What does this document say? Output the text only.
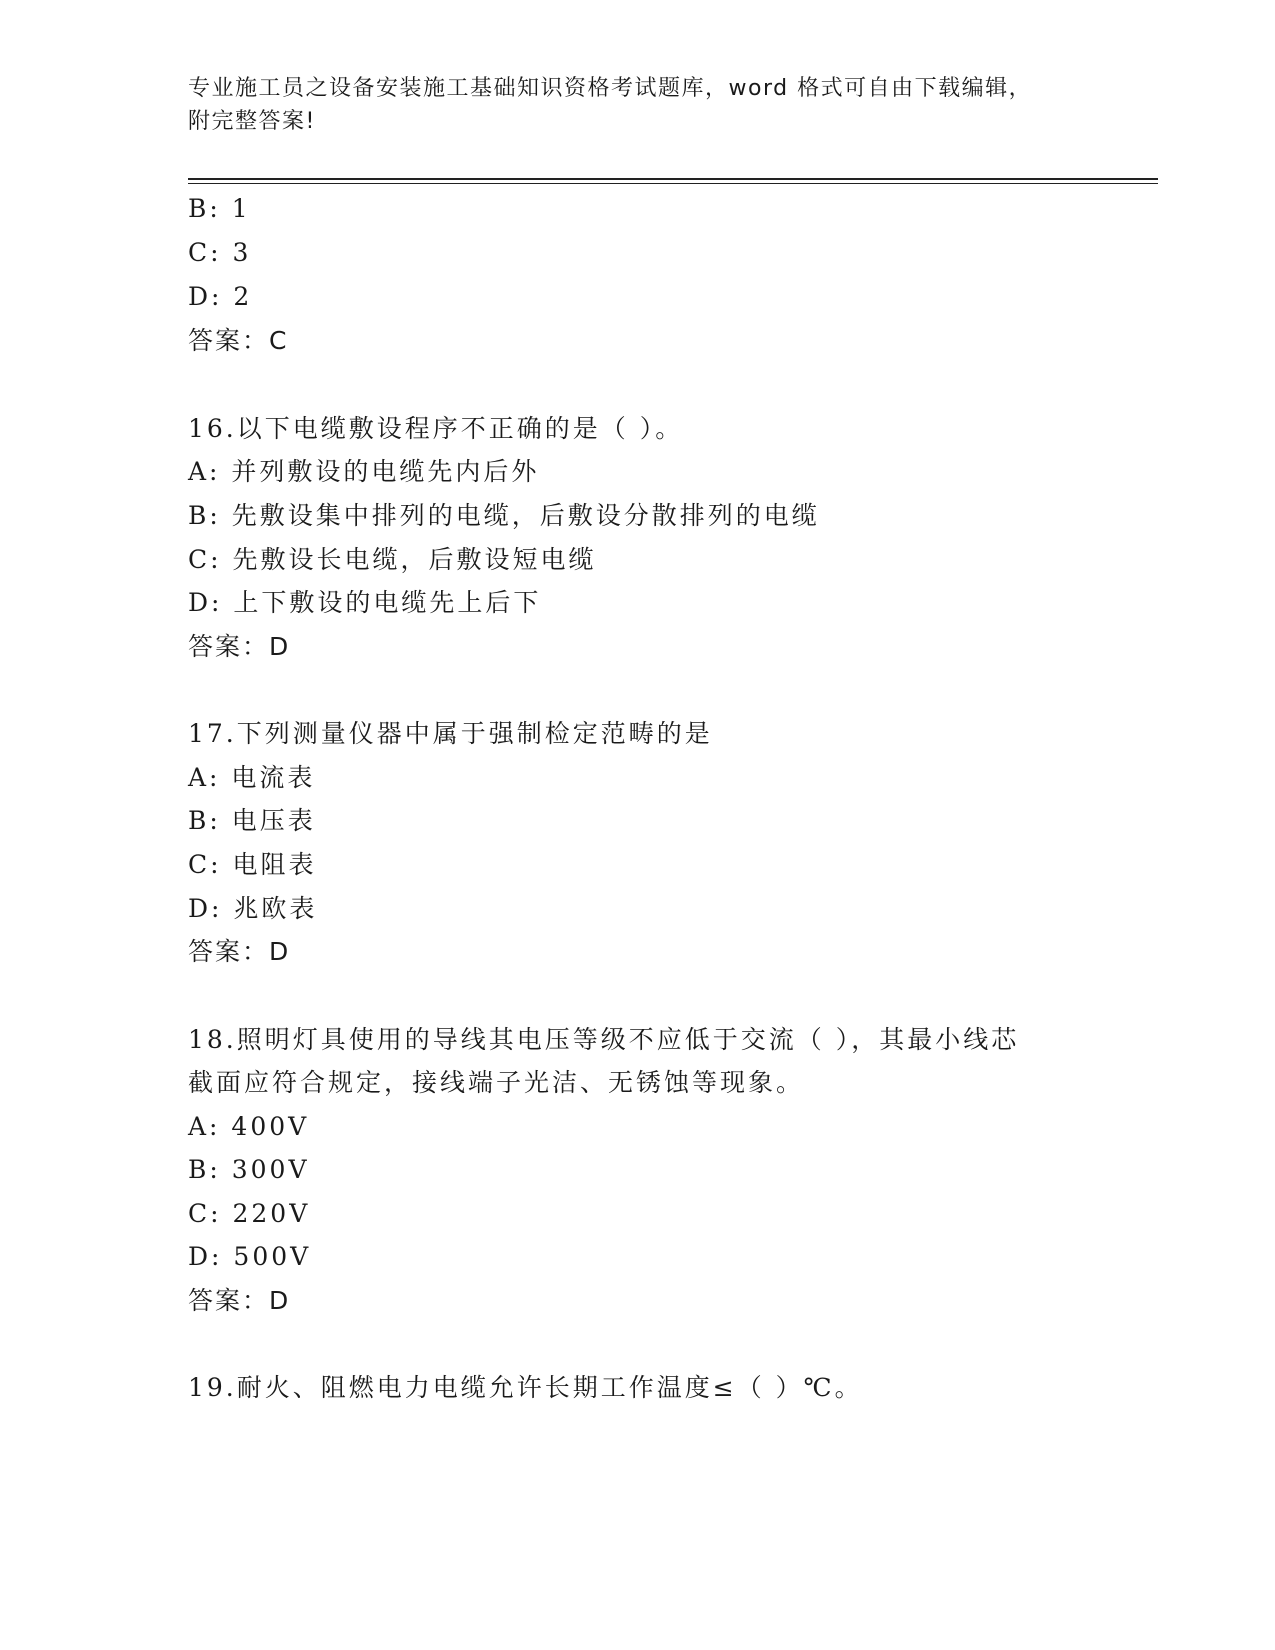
专业施工员之设备安装施工基础知识资格考试题库，word 格式可自由下载编辑，
附完整答案!
B: 1
C: 3
D: 2
答案：C
16.以下电缆敷设程序不正确的是（ ）。
A: 并列敷设的电缆先内后外
B: 先敷设集中排列的电缆，后敷设分散排列的电缆
C: 先敷设长电缆，后敷设短电缆
D: 上下敷设的电缆先上后下
答案：D
17.下列测量仪器中属于强制检定范畴的是
A: 电流表
B: 电压表
C: 电阻表
D: 兆欧表
答案：D
18.照明灯具使用的导线其电压等级不应低于交流（ ），其最小线芯
截面应符合规定，接线端子光洁、无锈蚀等现象。
A: 400V
B: 300V
C: 220V
D: 500V
答案：D
19.耐火、阻燃电力电缆允许长期工作温度≤（ ）℃。
